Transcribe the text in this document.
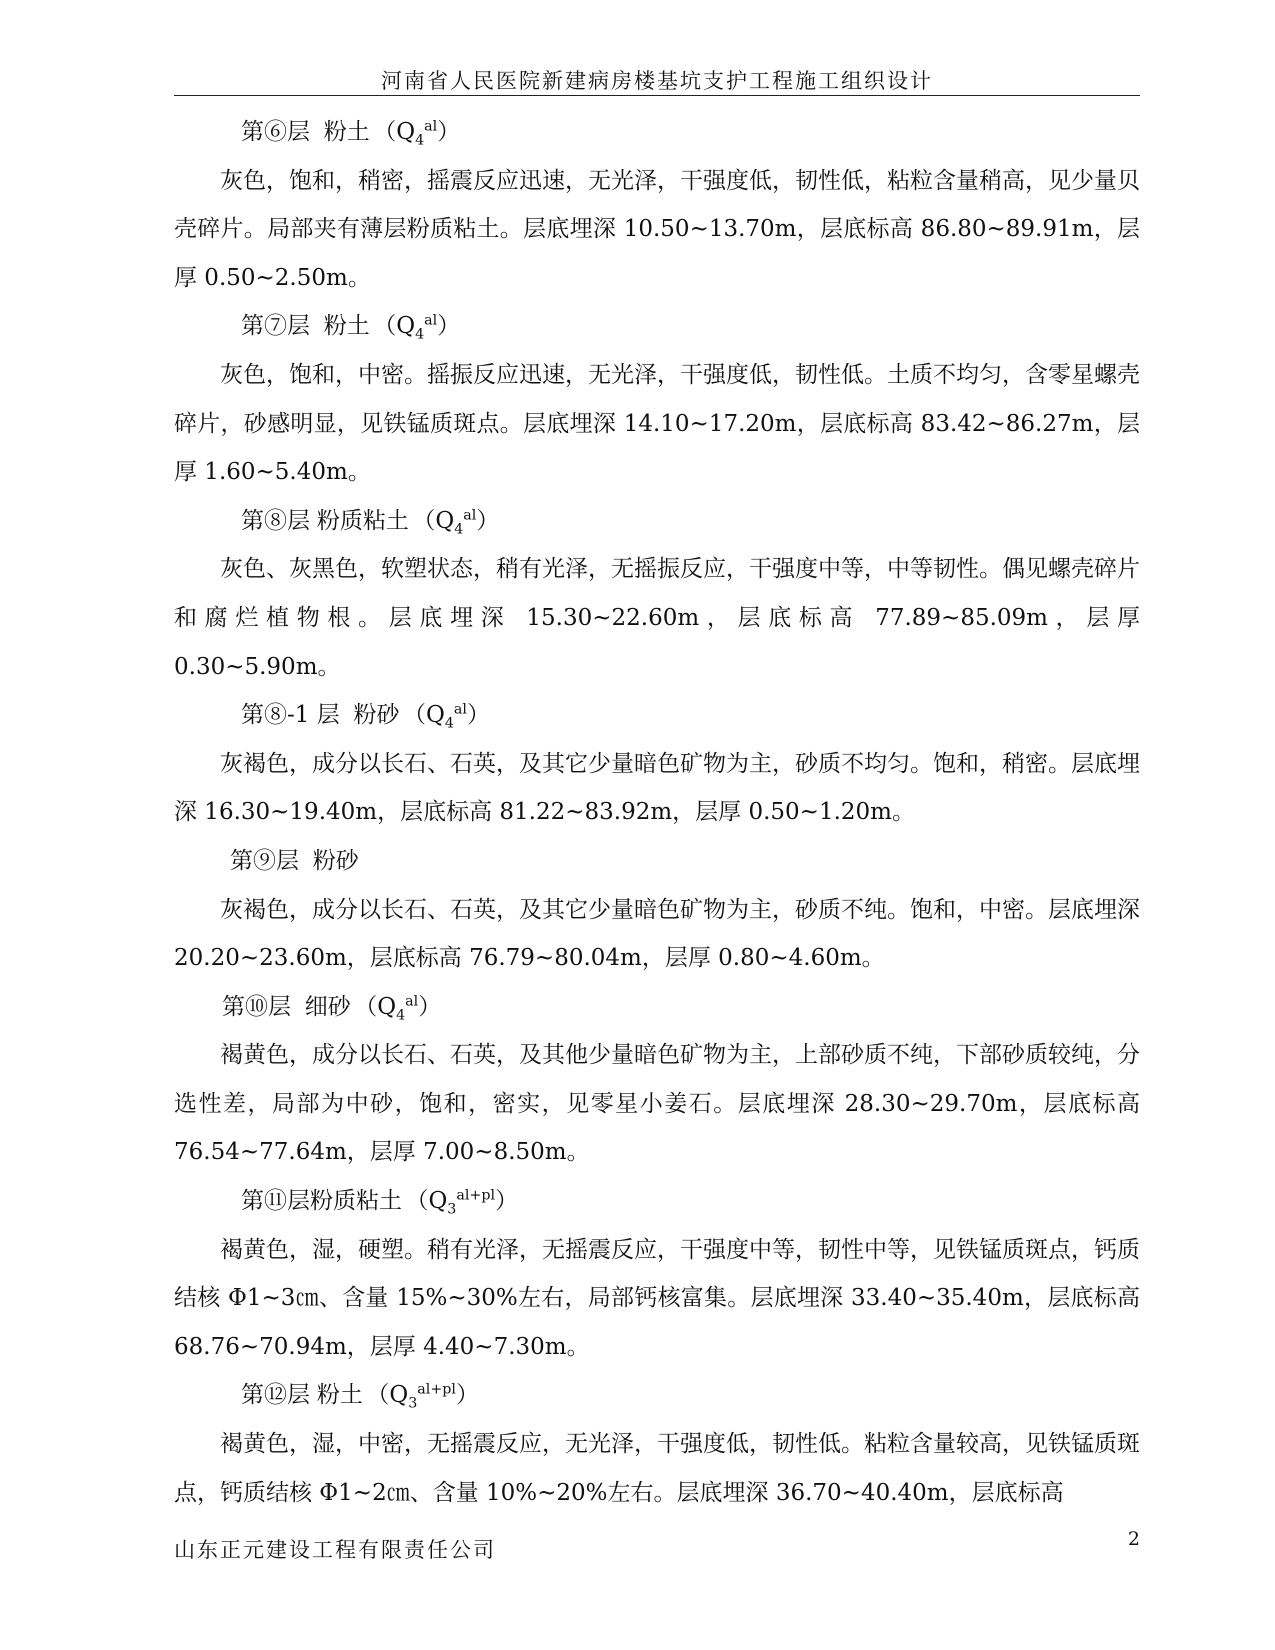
河南省人民医院新建病房楼基坑支护工程施工组织设计

第⑥层 粉土 $(Q_4^{al})$

灰色，饱和，稍密，摇震反应迅速，无光泽，干强度低，韧性低，粘粒含量稍高，见少量贝壳碎片。局部夹有薄层粉质粘土。层底埋深 10.50~13.70m，层底标高 86.80~89.91m，层厚 0.50~2.50m。

第⑦层 粉土 $(Q_4^{al})$

灰色，饱和，中密。摇振反应迅速，无光泽，干强度低，韧性低。土质不均匀，含零星螺壳碎片，砂感明显，见铁锰质斑点。层底埋深 14.10~17.20m，层底标高 83.42~86.27m，层厚 1.60~5.40m。

第⑧层 粉质粘土 $(Q_4^{al})$

灰色、灰黑色，软塑状态，稍有光泽，无摇振反应，干强度中等，中等韧性。偶见螺壳碎片和腐烂植物根。层底埋深 15.30~22.60m，层底标高 77.89~85.09m，层厚 0.30~5.90m。

第⑧-1 层 粉砂 $(Q_4^{al})$

灰褐色，成分以长石、石英，及其它少量暗色矿物为主，砂质不均匀。饱和，稍密。层底埋深 16.30~19.40m，层底标高 81.22~83.92m，层厚 0.50~1.20m。

第⑨层 粉砂

灰褐色，成分以长石、石英，及其它少量暗色矿物为主，砂质不纯。饱和，中密。层底埋深 20.20~23.60m，层底标高 76.79~80.04m，层厚 0.80~4.60m。

第⑩层 细砂 $(Q_4^{al})$

褐黄色，成分以长石、石英，及其他少量暗色矿物为主，上部砂质不纯，下部砂质较纯，分选性差，局部为中砂，饱和，密实，见零星小姜石。层底埋深 28.30~29.70m，层底标高 76.54~77.64m，层厚 7.00~8.50m。

第⑪层粉质粘土 $(Q_3^{al+pl})$

褐黄色，湿，硬塑。稍有光泽，无摇震反应，干强度中等，韧性中等，见铁锰质斑点，钙质结核 Φ1~3㎝、含量 15%~30%左右，局部钙核富集。层底埋深 33.40~35.40m，层底标高 68.76~70.94m，层厚 4.40~7.30m。

第⑫层 粉土 $(Q_3^{al+pl})$

褐黄色，湿，中密，无摇震反应，无光泽，干强度低，韧性低。粘粒含量较高，见铁锰质斑点，钙质结核 Φ1~2㎝、含量 10%~20%左右。层底埋深 36.70~40.40m，层底标高

山东正元建设工程有限责任公司	2
